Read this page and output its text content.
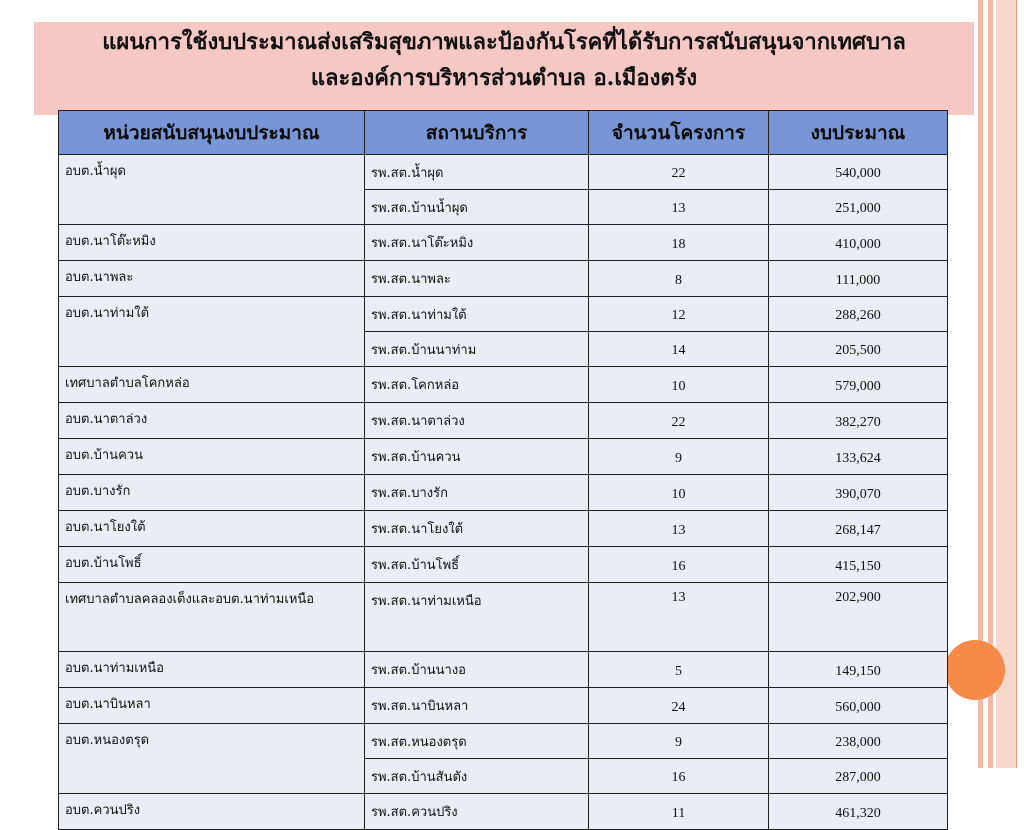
แผนการใช้งบประมาณส่งเสริมสุขภาพและป้องกันโรคที่ได้รับการสนับสนุนจากเทศบาล
และองค์การบริหารส่วนตำบล อ.เมืองตรัง
หน่วยสนับสนุนงบประมาณ	สถานบริการ	จำนวนโครงการ	งบประมาณ
อบต.น้ำผุด	รพ.สต.น้ำผุด	22	540,000
	รพ.สต.บ้านน้ำผุด	13	251,000
อบต.นาโต๊ะหมิง	รพ.สต.นาโต๊ะหมิง	18	410,000
อบต.นาพละ	รพ.สต.นาพละ	8	111,000
อบต.นาท่ามใต้	รพ.สต.นาท่ามใต้	12	288,260
	รพ.สต.บ้านนาท่าม	14	205,500
เทศบาลตำบลโคกหล่อ	รพ.สต.โคกหล่อ	10	579,000
อบต.นาตาล่วง	รพ.สต.นาตาล่วง	22	382,270
อบต.บ้านควน	รพ.สต.บ้านควน	9	133,624
อบต.บางรัก	รพ.สต.บางรัก	10	390,070
อบต.นาโยงใต้	รพ.สต.นาโยงใต้	13	268,147
อบต.บ้านโพธิ์	รพ.สต.บ้านโพธิ์	16	415,150
เทศบาลตำบลคลองเต็งและอบต.นาท่ามเหนือ	รพ.สต.นาท่ามเหนือ	13	202,900
อบต.นาท่ามเหนือ	รพ.สต.บ้านนางอ	5	149,150
อบต.นาบินหลา	รพ.สต.นาบินหลา	24	560,000
อบต.หนองตรุด	รพ.สต.หนองตรุด	9	238,000
	รพ.สต.บ้านสันตัง	16	287,000
อบต.ควนปริง	รพ.สต.ควนปริง	11	461,320
